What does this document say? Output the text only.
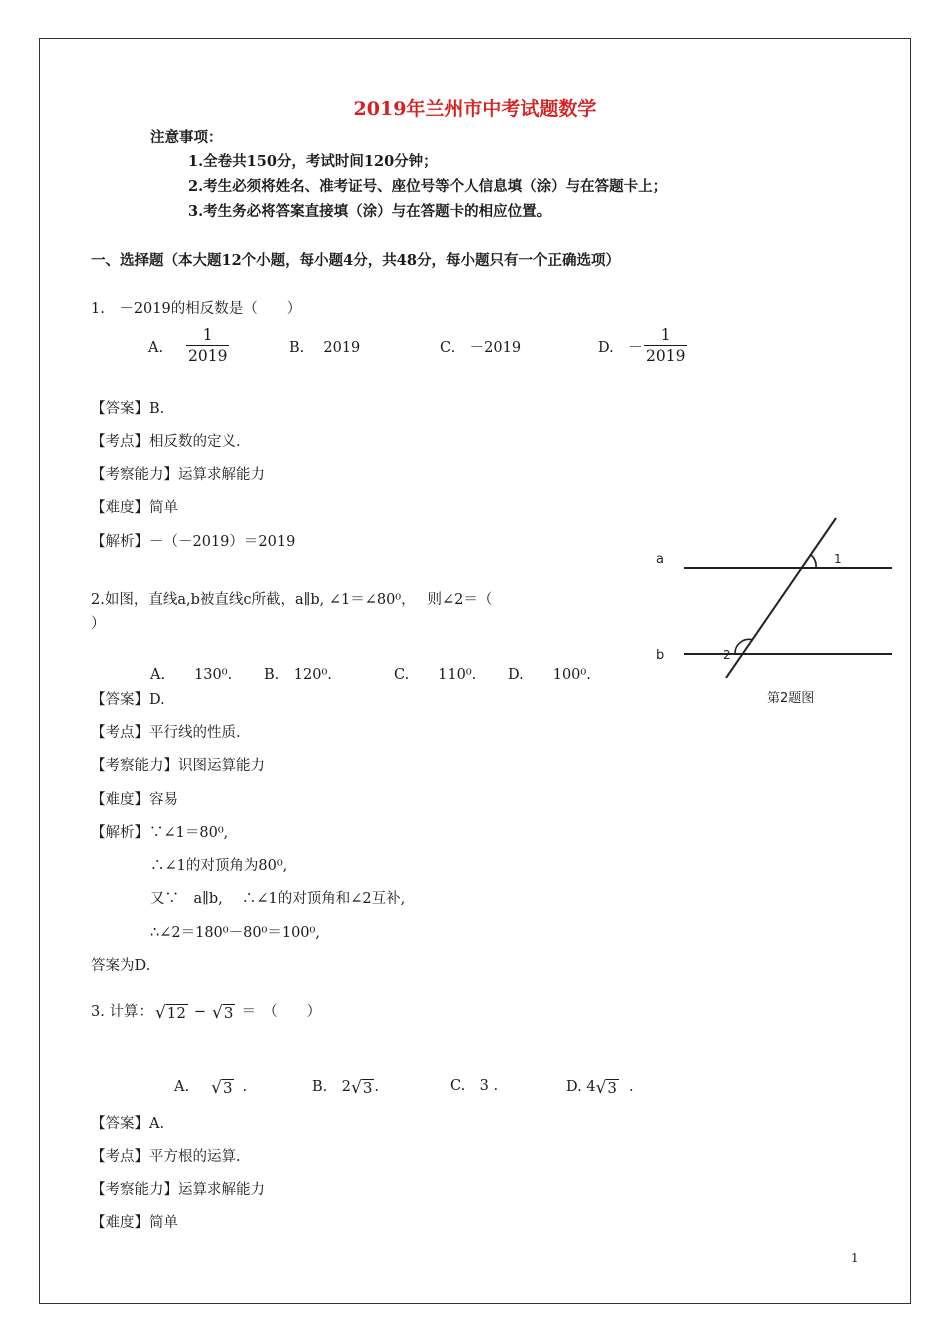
2019年兰州市中考试题数学
注意事项：
1.全卷共150分，考试时间120分钟；
2.考生必须将姓名、准考证号、座位号等个人信息填（涂）与在答题卡上；
3.考生务必将答案直接填（涂）与在答题卡的相应位置。
一、选择题（本大题12个小题，每小题4分，共48分，每小题只有一个正确选项）
1.　－2019的相反数是（　　）
A. $\frac{1}{2019}$	B.　 2019	C.　－2019	D.　－ $\frac{1}{2019}$
【答案】B.
【考点】相反数的定义.
【考察能力】运算求解能力
【难度】简单
【解析】－（－2019）＝2019
a
b
1
2
第2题图
2.如图，直线a,b被直线c所截，a∥b, ∠1＝∠80⁰，　 则∠2＝（
）
A.　　130⁰. B.　120⁰.	C.　　110⁰. D.　　100⁰.
【答案】D.
【考点】平行线的性质.
【考察能力】识图运算能力
【难度】容易
【解析】∵∠1＝80⁰,
∴∠1的对顶角为80⁰,
又∵　a∥b,　 ∴∠1的对顶角和∠2互补,
∴∠2＝180⁰－80⁰＝100⁰,
答案为D.
3. 计算： √ 12 − √ 3 ＝　（　　）
A. √ 3 .	B.　2 √ 3 .	C.　3 .	D. 4 √ 3 .
【答案】A.
【考点】平方根的运算.
【考察能力】运算求解能力
【难度】简单
1
